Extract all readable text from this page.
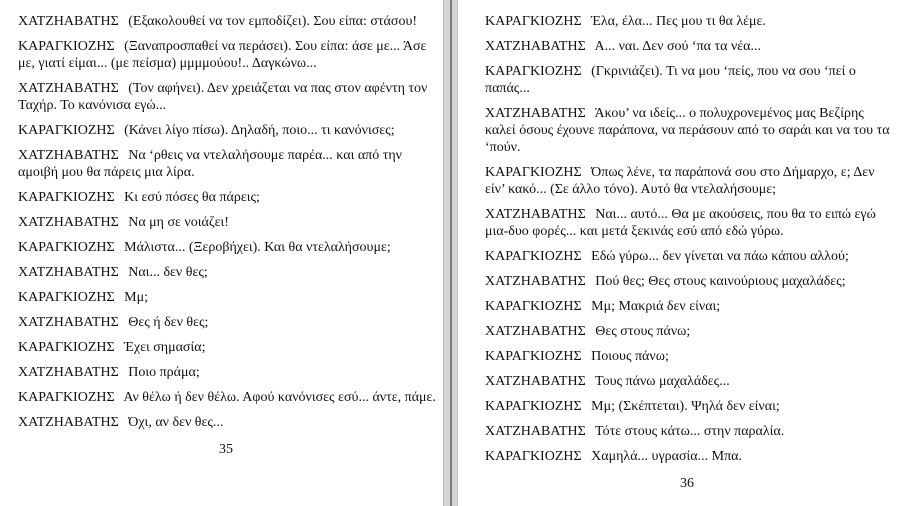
ΧΑΤΖΗΑΒΑΤΗΣ (Εξακολουθεί να τον εμποδίζει). Σου είπα: στάσου!

ΚΑΡΑΓΚΙΟΖΗΣ (Ξαναπροσπαθεί να περάσει). Σου είπα: άσε με... Άσε με, γιατί είμαι... (με πείσμα) μμμμούου!.. Δαγκώνω...

ΧΑΤΖΗΑΒΑΤΗΣ (Τον αφήνει). Δεν χρειάζεται να πας στον αφέντη τον Ταχήρ. Το κανόνισα εγώ...

ΚΑΡΑΓΚΙΟΖΗΣ (Κάνει λίγο πίσω). Δηλαδή, ποιο... τι κανόνισες;

ΧΑΤΖΗΑΒΑΤΗΣ Να ‘ρθεις να ντελαλήσουμε παρέα... και από την αμοιβή μου θα πάρεις μια λίρα.

ΚΑΡΑΓΚΙΟΖΗΣ Κι εσύ πόσες θα πάρεις;

ΧΑΤΖΗΑΒΑΤΗΣ Να μη σε νοιάζει!

ΚΑΡΑΓΚΙΟΖΗΣ Μάλιστα... (Ξεροβήχει). Και θα ντελαλήσουμε;

ΧΑΤΖΗΑΒΑΤΗΣ Ναι... δεν θες;

ΚΑΡΑΓΚΙΟΖΗΣ Μμ;

ΧΑΤΖΗΑΒΑΤΗΣ Θες ή δεν θες;

ΚΑΡΑΓΚΙΟΖΗΣ Έχει σημασία;

ΧΑΤΖΗΑΒΑΤΗΣ Ποιο πράμα;

ΚΑΡΑΓΚΙΟΖΗΣ Αν θέλω ή δεν θέλω. Αφού κανόνισες εσύ... άντε, πάμε.

ΧΑΤΖΗΑΒΑΤΗΣ Όχι, αν δεν θες...

35

ΚΑΡΑΓΚΙΟΖΗΣ Έλα, έλα... Πες μου τι θα λέμε.

ΧΑΤΖΗΑΒΑΤΗΣ Α... ναι. Δεν σού ‘πα τα νέα...

ΚΑΡΑΓΚΙΟΖΗΣ (Γκρινιάζει). Τι να μου ‘πείς, που να σου ‘πεί ο παπάς...

ΧΑΤΖΗΑΒΑΤΗΣ Άκου’ να ιδείς... ο πολυχρονεμένος μας Βεζίρης καλεί όσους έχουνε παράπονα, να περάσουν από το σαράι και να του τα ‘πούν.

ΚΑΡΑΓΚΙΟΖΗΣ Όπως λένε, τα παράπονά σου στο Δήμαρχο, ε; Δεν είν’ κακό... (Σε άλλο τόνο). Αυτό θα ντελαλήσουμε;

ΧΑΤΖΗΑΒΑΤΗΣ Ναι... αυτό... Θα με ακούσεις, που θα το ειπώ εγώ μια-δυο φορές... και μετά ξεκινάς εσύ από εδώ γύρω.

ΚΑΡΑΓΚΙΟΖΗΣ Εδώ γύρω... δεν γίνεται να πάω κάπου αλλού;

ΧΑΤΖΗΑΒΑΤΗΣ Πού θες; Θες στους καινούριους μαχαλάδες;

ΚΑΡΑΓΚΙΟΖΗΣ Μμ; Μακριά δεν είναι;

ΧΑΤΖΗΑΒΑΤΗΣ Θες στους πάνω;

ΚΑΡΑΓΚΙΟΖΗΣ Ποιους πάνω;

ΧΑΤΖΗΑΒΑΤΗΣ Τους πάνω μαχαλάδες...

ΚΑΡΑΓΚΙΟΖΗΣ Μμ; (Σκέπτεται). Ψηλά δεν είναι;

ΧΑΤΖΗΑΒΑΤΗΣ Τότε στους κάτω... στην παραλία.

ΚΑΡΑΓΚΙΟΖΗΣ Χαμηλά... υγρασία... Μπα.

36
